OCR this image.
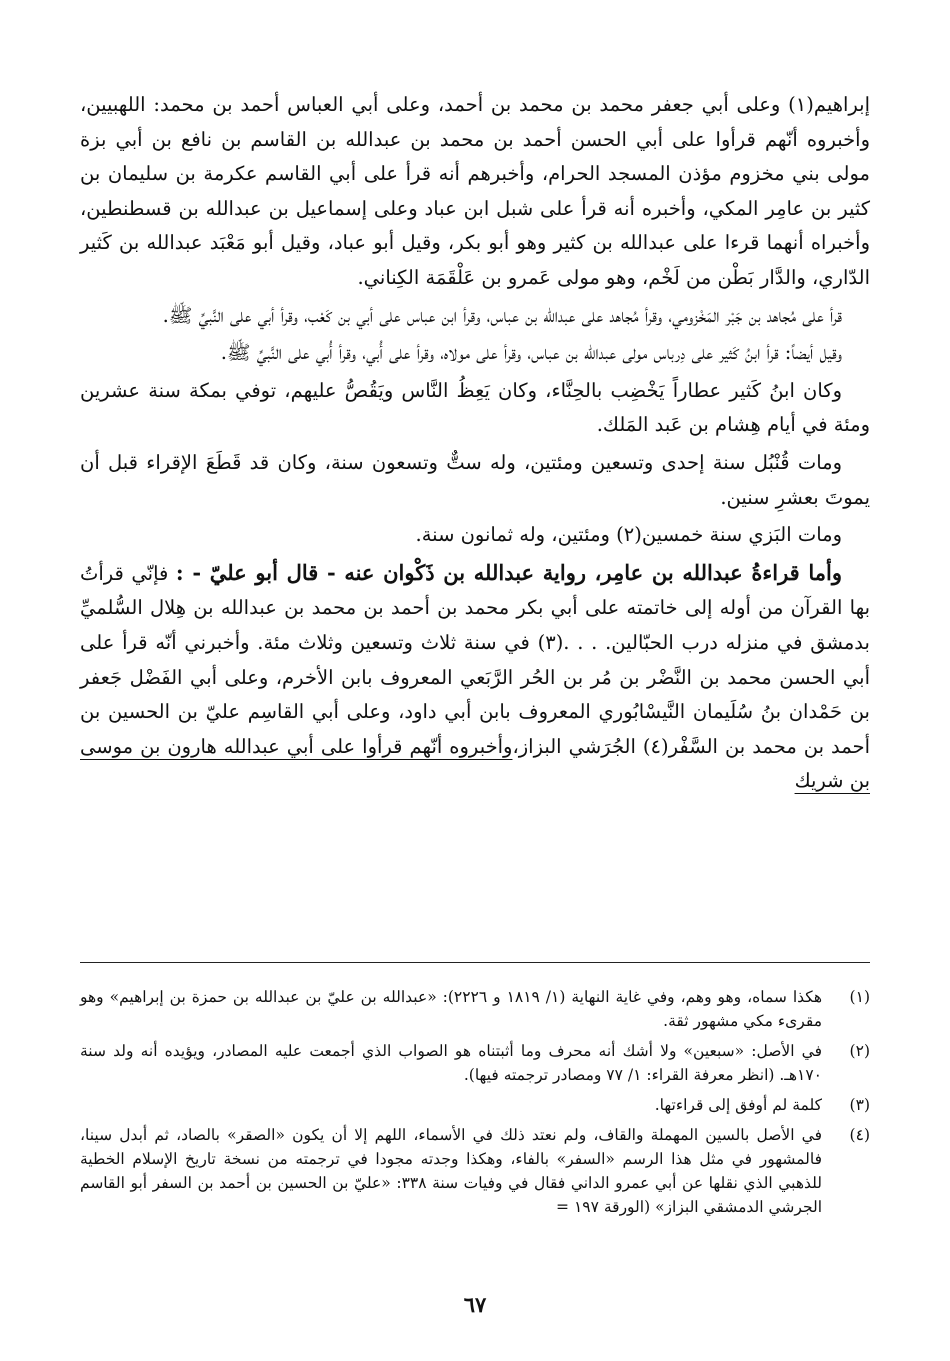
إبراهيم(١) وعلى أبي جعفر محمد بن محمد بن أحمد، وعلى أبي العباس أحمد بن محمد: اللهبيين، وأخبروه أنّهم قرأوا على أبي الحسن أحمد بن محمد بن عبدالله بن القاسم بن نافع بن أبي بزة مولى بني مخزوم مؤذن المسجد الحرام، وأخبرهم أنه قرأ على أبي القاسم عكرمة بن سليمان بن كثير بن عامِر المكي، وأخبره أنه قرأ على شبل ابن عباد وعلى إسماعيل بن عبدالله بن قسطنطين، وأخبراه أنهما قرءا على عبدالله بن كثير وهو أبو بكر، وقيل أبو عباد، وقيل أبو مَعْبَد عبدالله بن كَثير الدّاري، والدَّار بَطْن من لَخْم، وهو مولى عَمرو بن عَلْقَمَة الكِناني.

قرأ على مُجاهد بن جَبْر المَخْزومي، وقرأ مُجاهد على عبدالله بن عباس، وقرأ ابن عباس على أبي بن كَعْب، وقرأ أبي على النَّبيِّ ﷺ.

وقيل أيضاً: قرأ ابنُ كَثير على دِرباس مولى عبدالله بن عباس، وقرأ على مولاه، وقرأ على أُبي، وقرأ أُبي على النَّبيِّ ﷺ.

وكان ابنُ كَثير عطاراً يَخْضِب بالحِنَّاء، وكان يَعِظُ النَّاس ويَقُصُّ عليهم، توفي بمكة سنة عشرين ومئة في أيام هِشام بن عَبد المَلك.

ومات قُنْبُل سنة إحدى وتسعين ومئتين، وله ستٌّ وتسعون سنة، وكان قد قَطَعَ الإقراء قبل أن يموتَ بعشرِ سنين.

ومات البَزي سنة خمسين(٢) ومئتين، وله ثمانون سنة.

وأما قراءةُ عبدالله بن عامِر، رواية عبدالله بن ذَكْوان عنه - قال أبو عليّ - : فإنّي قرأتُ بها القرآن من أوله إلى خاتمته على أبي بكر محمد بن أحمد بن محمد بن عبدالله بن هِلال السُّلميِّ بدمشق في منزله درب الحبّالين. . . .(٣) في سنة ثلاث وتسعين وثلاث مئة. وأخبرني أنّه قرأ على أبي الحسن محمد بن النَّضْر بن مُر بن الحُر الرَّبَعي المعروف بابن الأخرم، وعلى أبي الفَضْل جَعفر بن حَمْدان بنُ سُلَيمان النَّيسْابُوري المعروف بابن أبي داود، وعلى أبي القاسِم عليّ بن الحسين بن أحمد بن محمد بن السَّفْر(٤) الجُرَشي البزاز،وأخبروه أنّهم قرأوا على أبي عبدالله هارون بن موسى بن شريك

(١)
هكذا سماه، وهو وهم، وفي غاية النهاية (١/ ١٨١٩ و ٢٢٢٦): «عبدالله بن عليّ بن عبدالله بن حمزة بن إبراهيم» وهو مقرىء مكي مشهور ثقة.
(٢)
في الأصل: «سبعين» ولا أشك أنه محرف وما أثبتناه هو الصواب الذي أجمعت عليه المصادر، ويؤيده أنه ولد سنة ١٧٠هـ. (انظر معرفة القراء: ١/ ٧٧ ومصادر ترجمته فيها).
(٣)
كلمة لم أوفق إلى قراءتها.
(٤)
في الأصل بالسين المهملة والقاف، ولم نعتد ذلك في الأسماء، اللهم إلا أن يكون «الصقر» بالصاد، ثم أبدل سينا، فالمشهور في مثل هذا الرسم «السفر» بالفاء، وهكذا وجدته مجودا في ترجمته من نسخة تاريخ الإسلام الخطية للذهبي الذي نقلها عن أبي عمرو الداني فقال في وفيات سنة ٣٣٨: «عليّ بن الحسين بن أحمد بن السفر أبو القاسم الجرشي الدمشقي البزاز» (الورقة ١٩٧ =
٦٧
